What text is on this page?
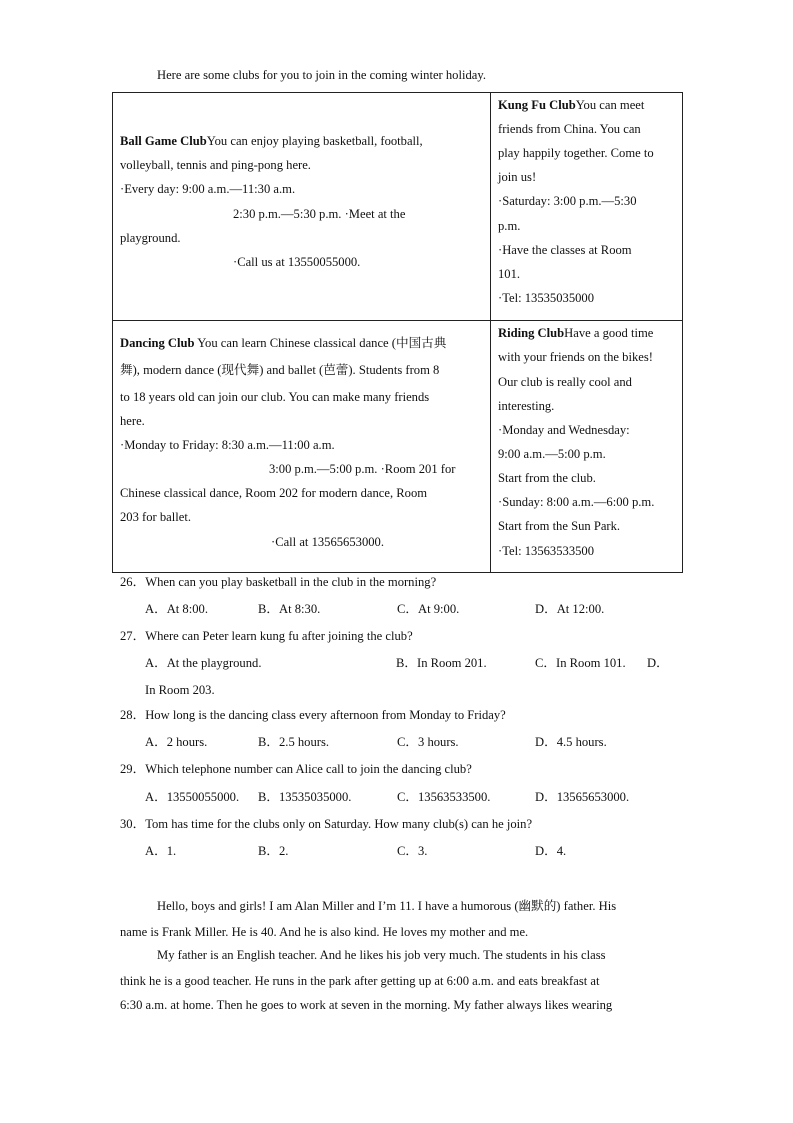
Here are some clubs for you to join in the coming winter holiday.
Ball Game ClubYou can enjoy playing basketball, football,
volleyball, tennis and ping-pong here.
·Every day: 9:00 a.m.—11:30 a.m.
2:30 p.m.—5:30 p.m. ·Meet at the
playground.
·Call us at 13550055000.
Kung Fu ClubYou can meet
friends from China. You can
play happily together. Come to
join us!
·Saturday: 3:00 p.m.—5:30
p.m.
·Have the classes at Room
101.
·Tel: 13535035000
Dancing Club You can learn Chinese classical dance (中国古典
舞), modern dance (现代舞) and ballet (芭蕾). Students from 8
to 18 years old can join our club. You can make many friends
here.
·Monday to Friday: 8:30 a.m.—11:00 a.m.
3:00 p.m.—5:00 p.m. ·Room 201 for
Chinese classical dance, Room 202 for modern dance, Room
203 for ballet.
·Call at 13565653000.
Riding ClubHave a good time
with your friends on the bikes!
Our club is really cool and
interesting.
·Monday and Wednesday:
9:00 a.m.—5:00 p.m.
Start from the club.
·Sunday: 8:00 a.m.—6:00 p.m.
Start from the Sun Park.
·Tel: 13563533500
26．When can you play basketball in the club in the morning?
A．At 8:00.	B．At 8:30.	C．At 9:00.	D．At 12:00.
27．Where can Peter learn kung fu after joining the club?
A．At the playground.	B．In Room 201.	C．In Room 101. D．
In Room 203.
28．How long is the dancing class every afternoon from Monday to Friday?
A．2 hours.	B．2.5 hours.	C．3 hours.	D．4.5 hours.
29．Which telephone number can Alice call to join the dancing club?
A．13550055000. B．13535035000.	C．13563533500.	D．13565653000.
30．Tom has time for the clubs only on Saturday. How many club(s) can he join?
A．1.	B．2.	C．3.	D．4.
Hello, boys and girls! I am Alan Miller and I’m 11. I have a humorous (幽默的) father. His
name is Frank Miller. He is 40. And he is also kind. He loves my mother and me.
My father is an English teacher. And he likes his job very much. The students in his class
think he is a good teacher. He runs in the park after getting up at 6:00 a.m. and eats breakfast at
6:30 a.m. at home. Then he goes to work at seven in the morning. My father always likes wearing
